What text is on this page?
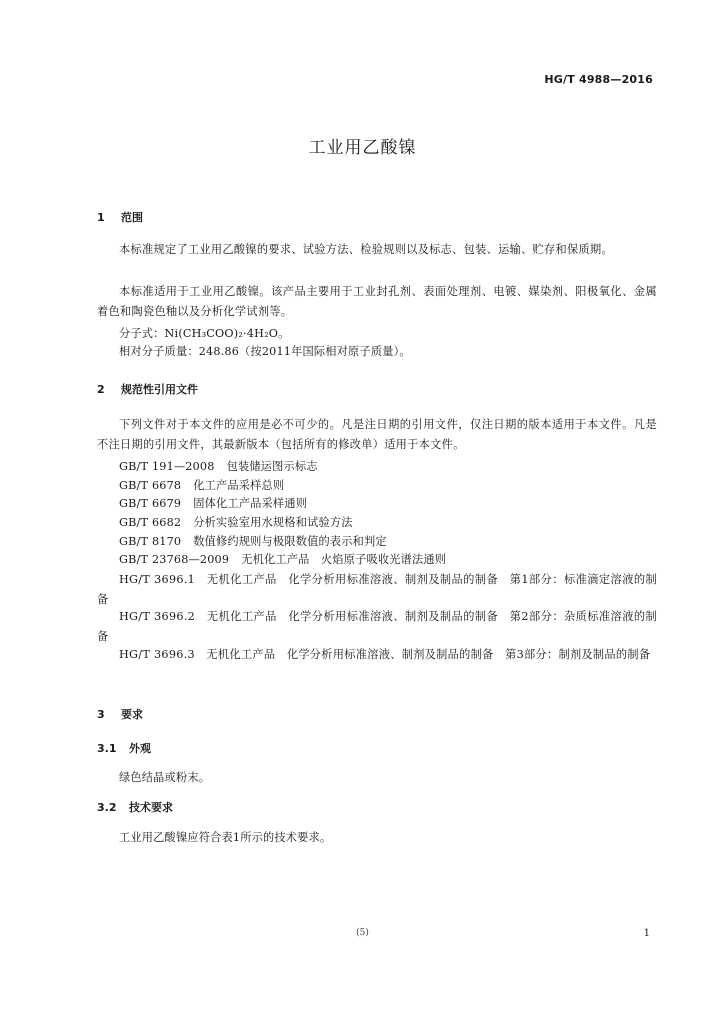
HG/T 4988—2016
工业用乙酸镍
1 范围
本标准规定了工业用乙酸镍的要求、试验方法、检验规则以及标志、包装、运输、贮存和保质期。
本标准适用于工业用乙酸镍。该产品主要用于工业封孔剂、表面处理剂、电镀、媒染剂、阳极氧化、金属着色和陶瓷色釉以及分析化学试剂等。
分子式：Ni(CH₃COO)₂·4H₂O。
相对分子质量：248.86（按2011年国际相对原子质量）。
2 规范性引用文件
下列文件对于本文件的应用是必不可少的。凡是注日期的引用文件，仅注日期的版本适用于本文件。凡是不注日期的引用文件，其最新版本（包括所有的修改单）适用于本文件。
GB/T 191—2008 包装储运图示标志
GB/T 6678 化工产品采样总则
GB/T 6679 固体化工产品采样通则
GB/T 6682 分析实验室用水规格和试验方法
GB/T 8170 数值修约规则与极限数值的表示和判定
GB/T 23768—2009 无机化工产品　火焰原子吸收光谱法通则
HG/T 3696.1　无机化工产品　化学分析用标准溶液、制剂及制品的制备　第1部分：标准滴定溶液的制备
HG/T 3696.2　无机化工产品　化学分析用标准溶液、制剂及制品的制备　第2部分：杂质标准溶液的制备
HG/T 3696.3　无机化工产品　化学分析用标准溶液、制剂及制品的制备　第3部分：制剂及制品的制备
3 要求
3.1 外观
绿色结晶或粉末。
3.2 技术要求
工业用乙酸镍应符合表1所示的技术要求。
(5)	1
